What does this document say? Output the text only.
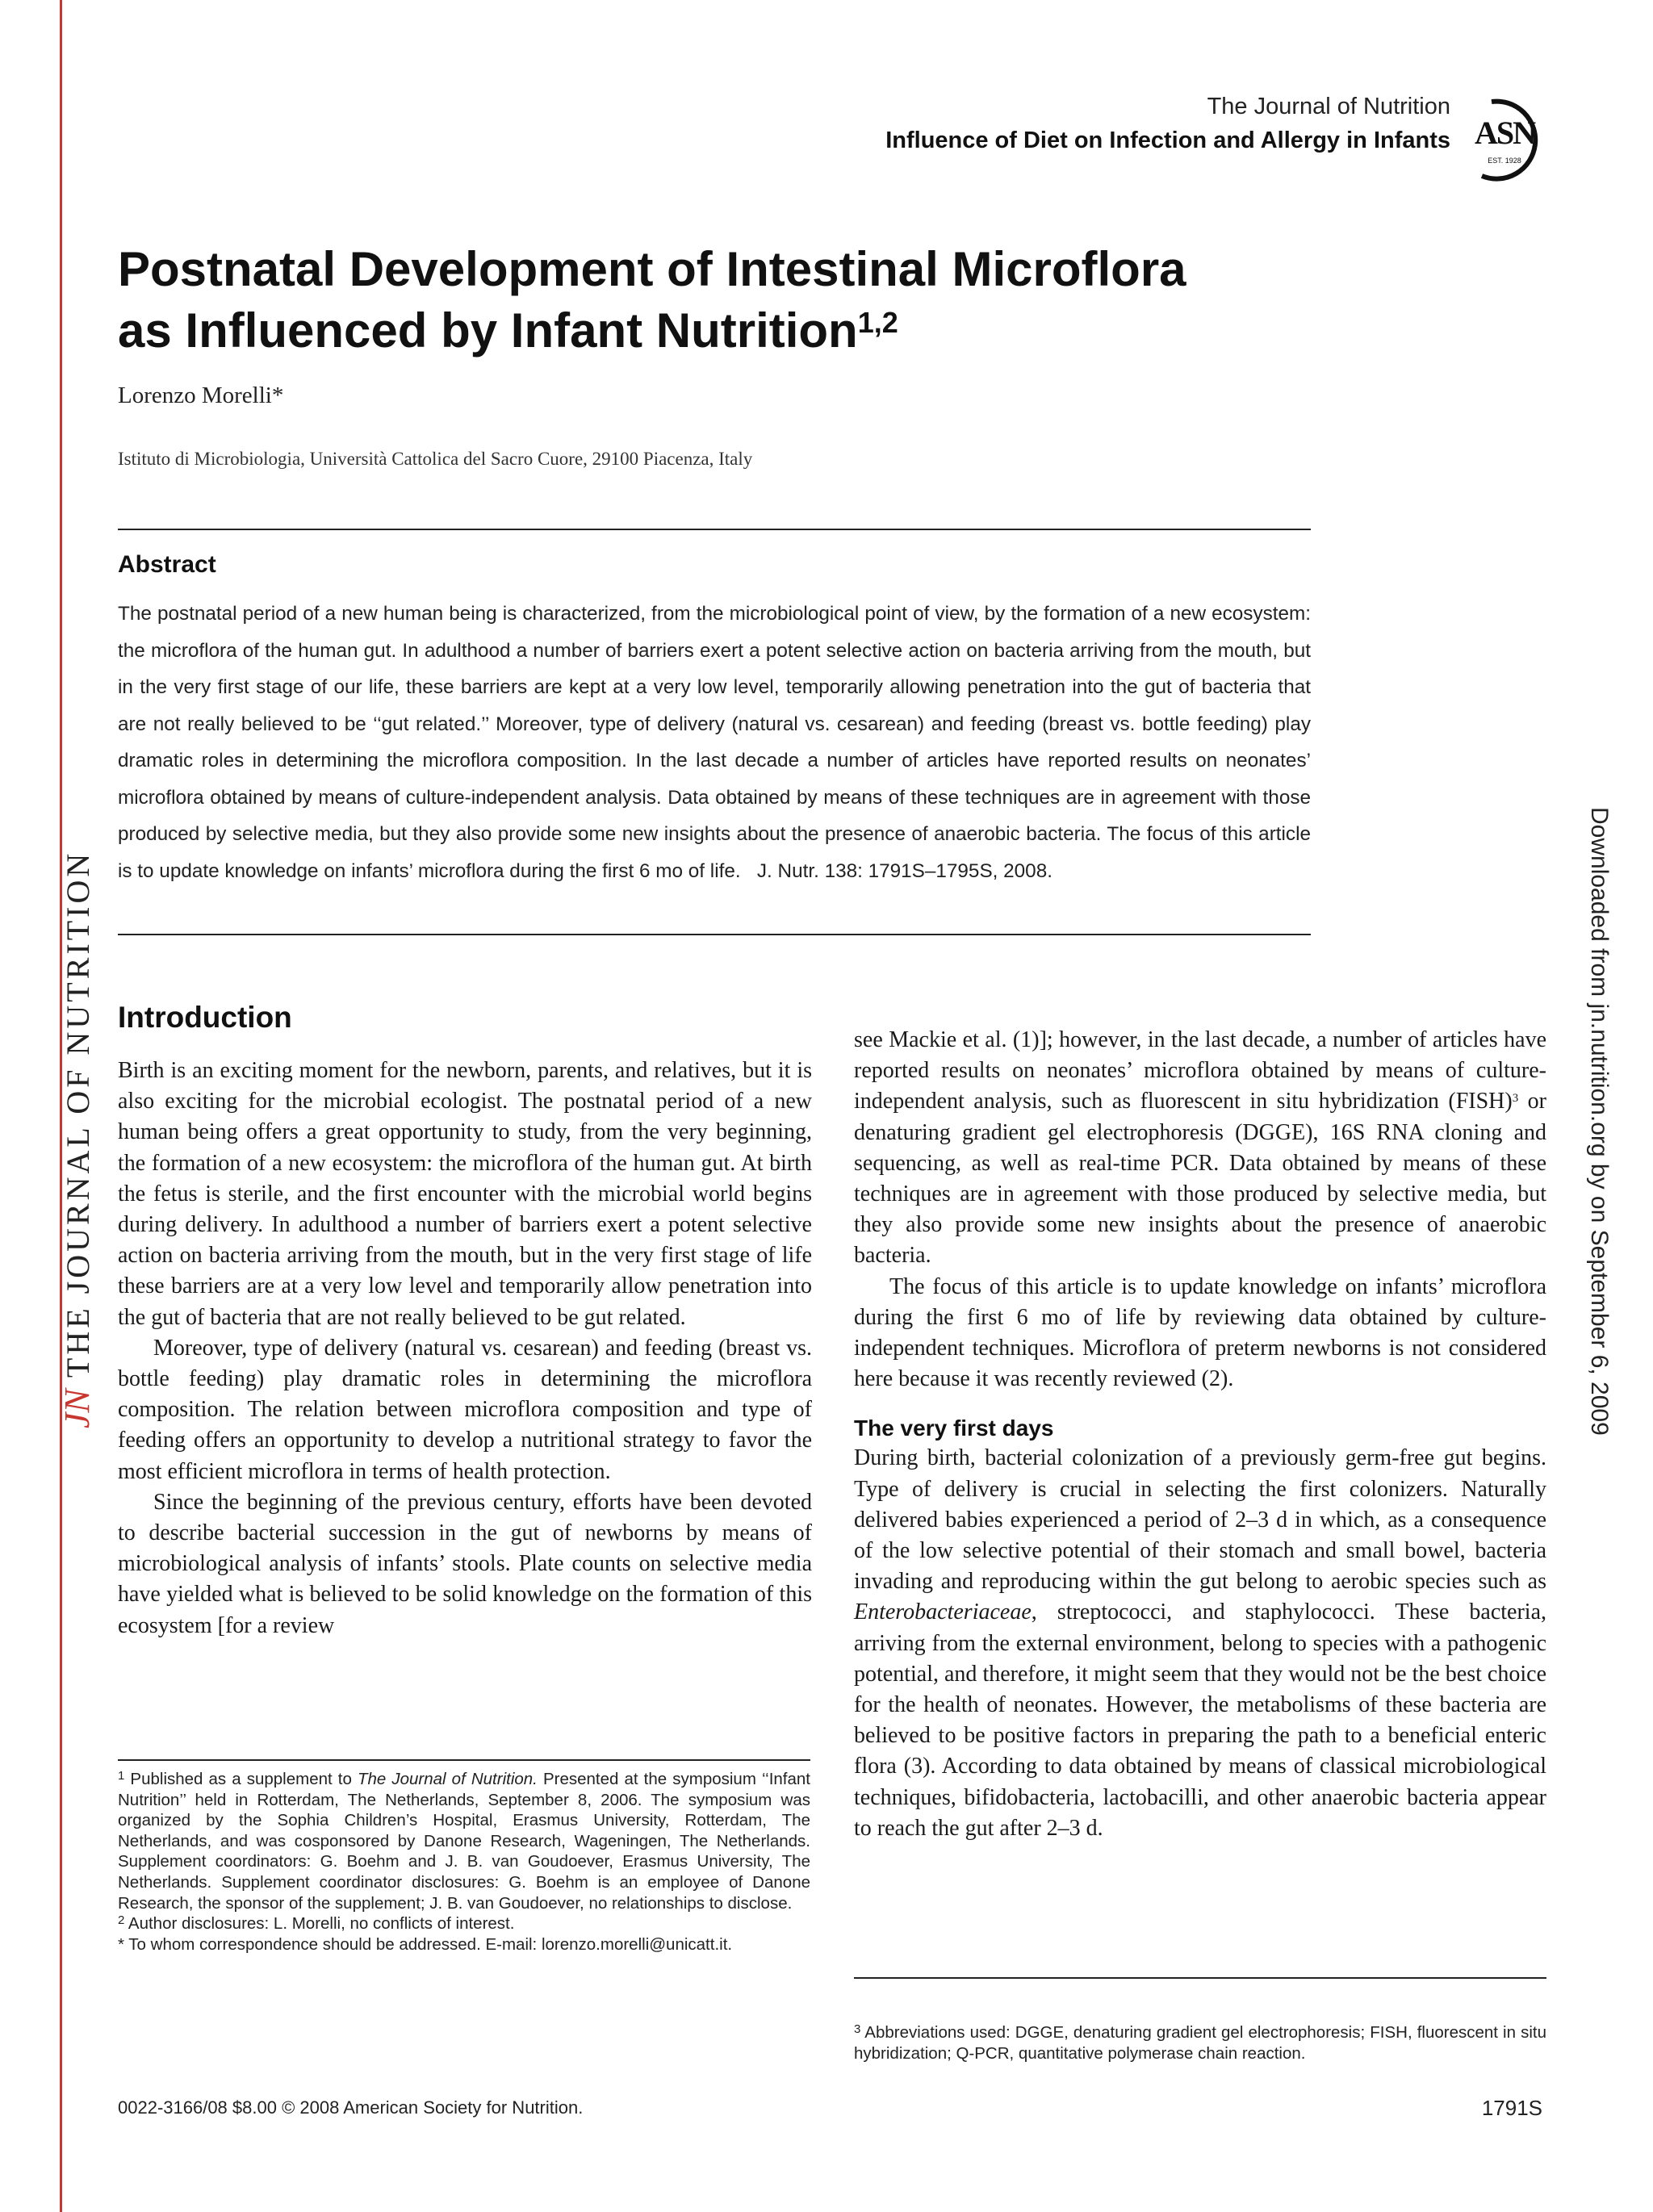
JNTHE JOURNAL OF NUTRITION	Downloaded from jn.nutrition.org by on September 6, 2009
The Journal of Nutrition
Influence of Diet on Infection and Allergy in Infants ASN
EST. 1928
Postnatal Development of Intestinal Microflora
as Influenced by Infant Nutrition$^{1,2}$
Lorenzo Morelli*
Istituto di Microbiologia, Università Cattolica del Sacro Cuore, 29100 Piacenza, Italy
Abstract
The postnatal period of a new human being is characterized, from the microbiological point of view, by the formation of a new ecosystem: the microflora of the human gut. In adulthood a number of barriers exert a potent selective action on bacteria arriving from the mouth, but in the very first stage of our life, these barriers are kept at a very low level, temporarily allowing penetration into the gut of bacteria that are not really believed to be ‘‘gut related.’’ Moreover, type of delivery (natural vs. cesarean) and feeding (breast vs. bottle feeding) play dramatic roles in determining the microflora composition. In the last decade a number of articles have reported results on neonates’ microflora obtained by means of culture-independent analysis. Data obtained by means of these techniques are in agreement with those produced by selective media, but they also provide some new insights about the presence of anaerobic bacteria. The focus of this article is to update knowledge on infants’ microflora during the first 6 mo of life. J. Nutr. 138: 1791S–1795S, 2008.
Introduction

Birth is an exciting moment for the newborn, parents, and relatives, but it is also exciting for the microbial ecologist. The postnatal period of a new human being offers a great opportunity to study, from the very beginning, the formation of a new ecosystem: the microflora of the human gut. At birth the fetus is sterile, and the first encounter with the microbial world begins during delivery. In adulthood a number of barriers exert a potent selective action on bacteria arriving from the mouth, but in the very first stage of life these barriers are at a very low level and temporarily allow penetration into the gut of bacteria that are not really believed to be gut related.

Moreover, type of delivery (natural vs. cesarean) and feeding (breast vs. bottle feeding) play dramatic roles in determining the microflora composition. The relation between microflora composition and type of feeding offers an opportunity to develop a nutritional strategy to favor the most efficient microflora in terms of health protection.

Since the beginning of the previous century, efforts have been devoted to describe bacterial succession in the gut of newborns by means of microbiological analysis of infants’ stools. Plate counts on selective media have yielded what is believed to be solid knowledge on the formation of this ecosystem [for a review

see Mackie et al. (1)]; however, in the last decade, a number of articles have reported results on neonates’ microflora obtained by means of culture-independent analysis, such as fluorescent in situ hybridization (FISH)$^3$ or denaturing gradient gel electrophoresis (DGGE), 16S RNA cloning and sequencing, as well as real-time PCR. Data obtained by means of these techniques are in agreement with those produced by selective media, but they also provide some new insights about the presence of anaerobic bacteria.

The focus of this article is to update knowledge on infants’ microflora during the first 6 mo of life by reviewing data obtained by culture-independent techniques. Microflora of preterm newborns is not considered here because it was recently reviewed (2).

The very first days

During birth, bacterial colonization of a previously germ-free gut begins. Type of delivery is crucial in selecting the first colonizers. Naturally delivered babies experienced a period of 2–3 d in which, as a consequence of the low selective potential of their stomach and small bowel, bacteria invading and reproducing within the gut belong to aerobic species such as Enterobacteriaceae, streptococci, and staphylococci. These bacteria, arriving from the external environment, belong to species with a pathogenic potential, and therefore, it might seem that they would not be the best choice for the health of neonates. However, the metabolisms of these bacteria are believed to be positive factors in preparing the path to a beneficial enteric flora (3). According to data obtained by means of classical microbiological techniques, bifidobacteria, lactobacilli, and other anaerobic bacteria appear to reach the gut after 2–3 d.

$^1$ Published as a supplement to The Journal of Nutrition. Presented at the symposium ‘‘Infant Nutrition’’ held in Rotterdam, The Netherlands, September 8, 2006. The symposium was organized by the Sophia Children’s Hospital, Erasmus University, Rotterdam, The Netherlands, and was cosponsored by Danone Research, Wageningen, The Netherlands. Supplement coordinators: G. Boehm and J. B. van Goudoever, Erasmus University, The Netherlands. Supplement coordinator disclosures: G. Boehm is an employee of Danone Research, the sponsor of the supplement; J. B. van Goudoever, no relationships to disclose.

$^2$ Author disclosures: L. Morelli, no conflicts of interest.

* To whom correspondence should be addressed. E-mail: lorenzo.morelli@unicatt.it.

$^3$ Abbreviations used: DGGE, denaturing gradient gel electrophoresis; FISH, fluorescent in situ hybridization; Q-PCR, quantitative polymerase chain reaction.

0022-3166/08 $8.00 © 2008 American Society for Nutrition.	1791S
